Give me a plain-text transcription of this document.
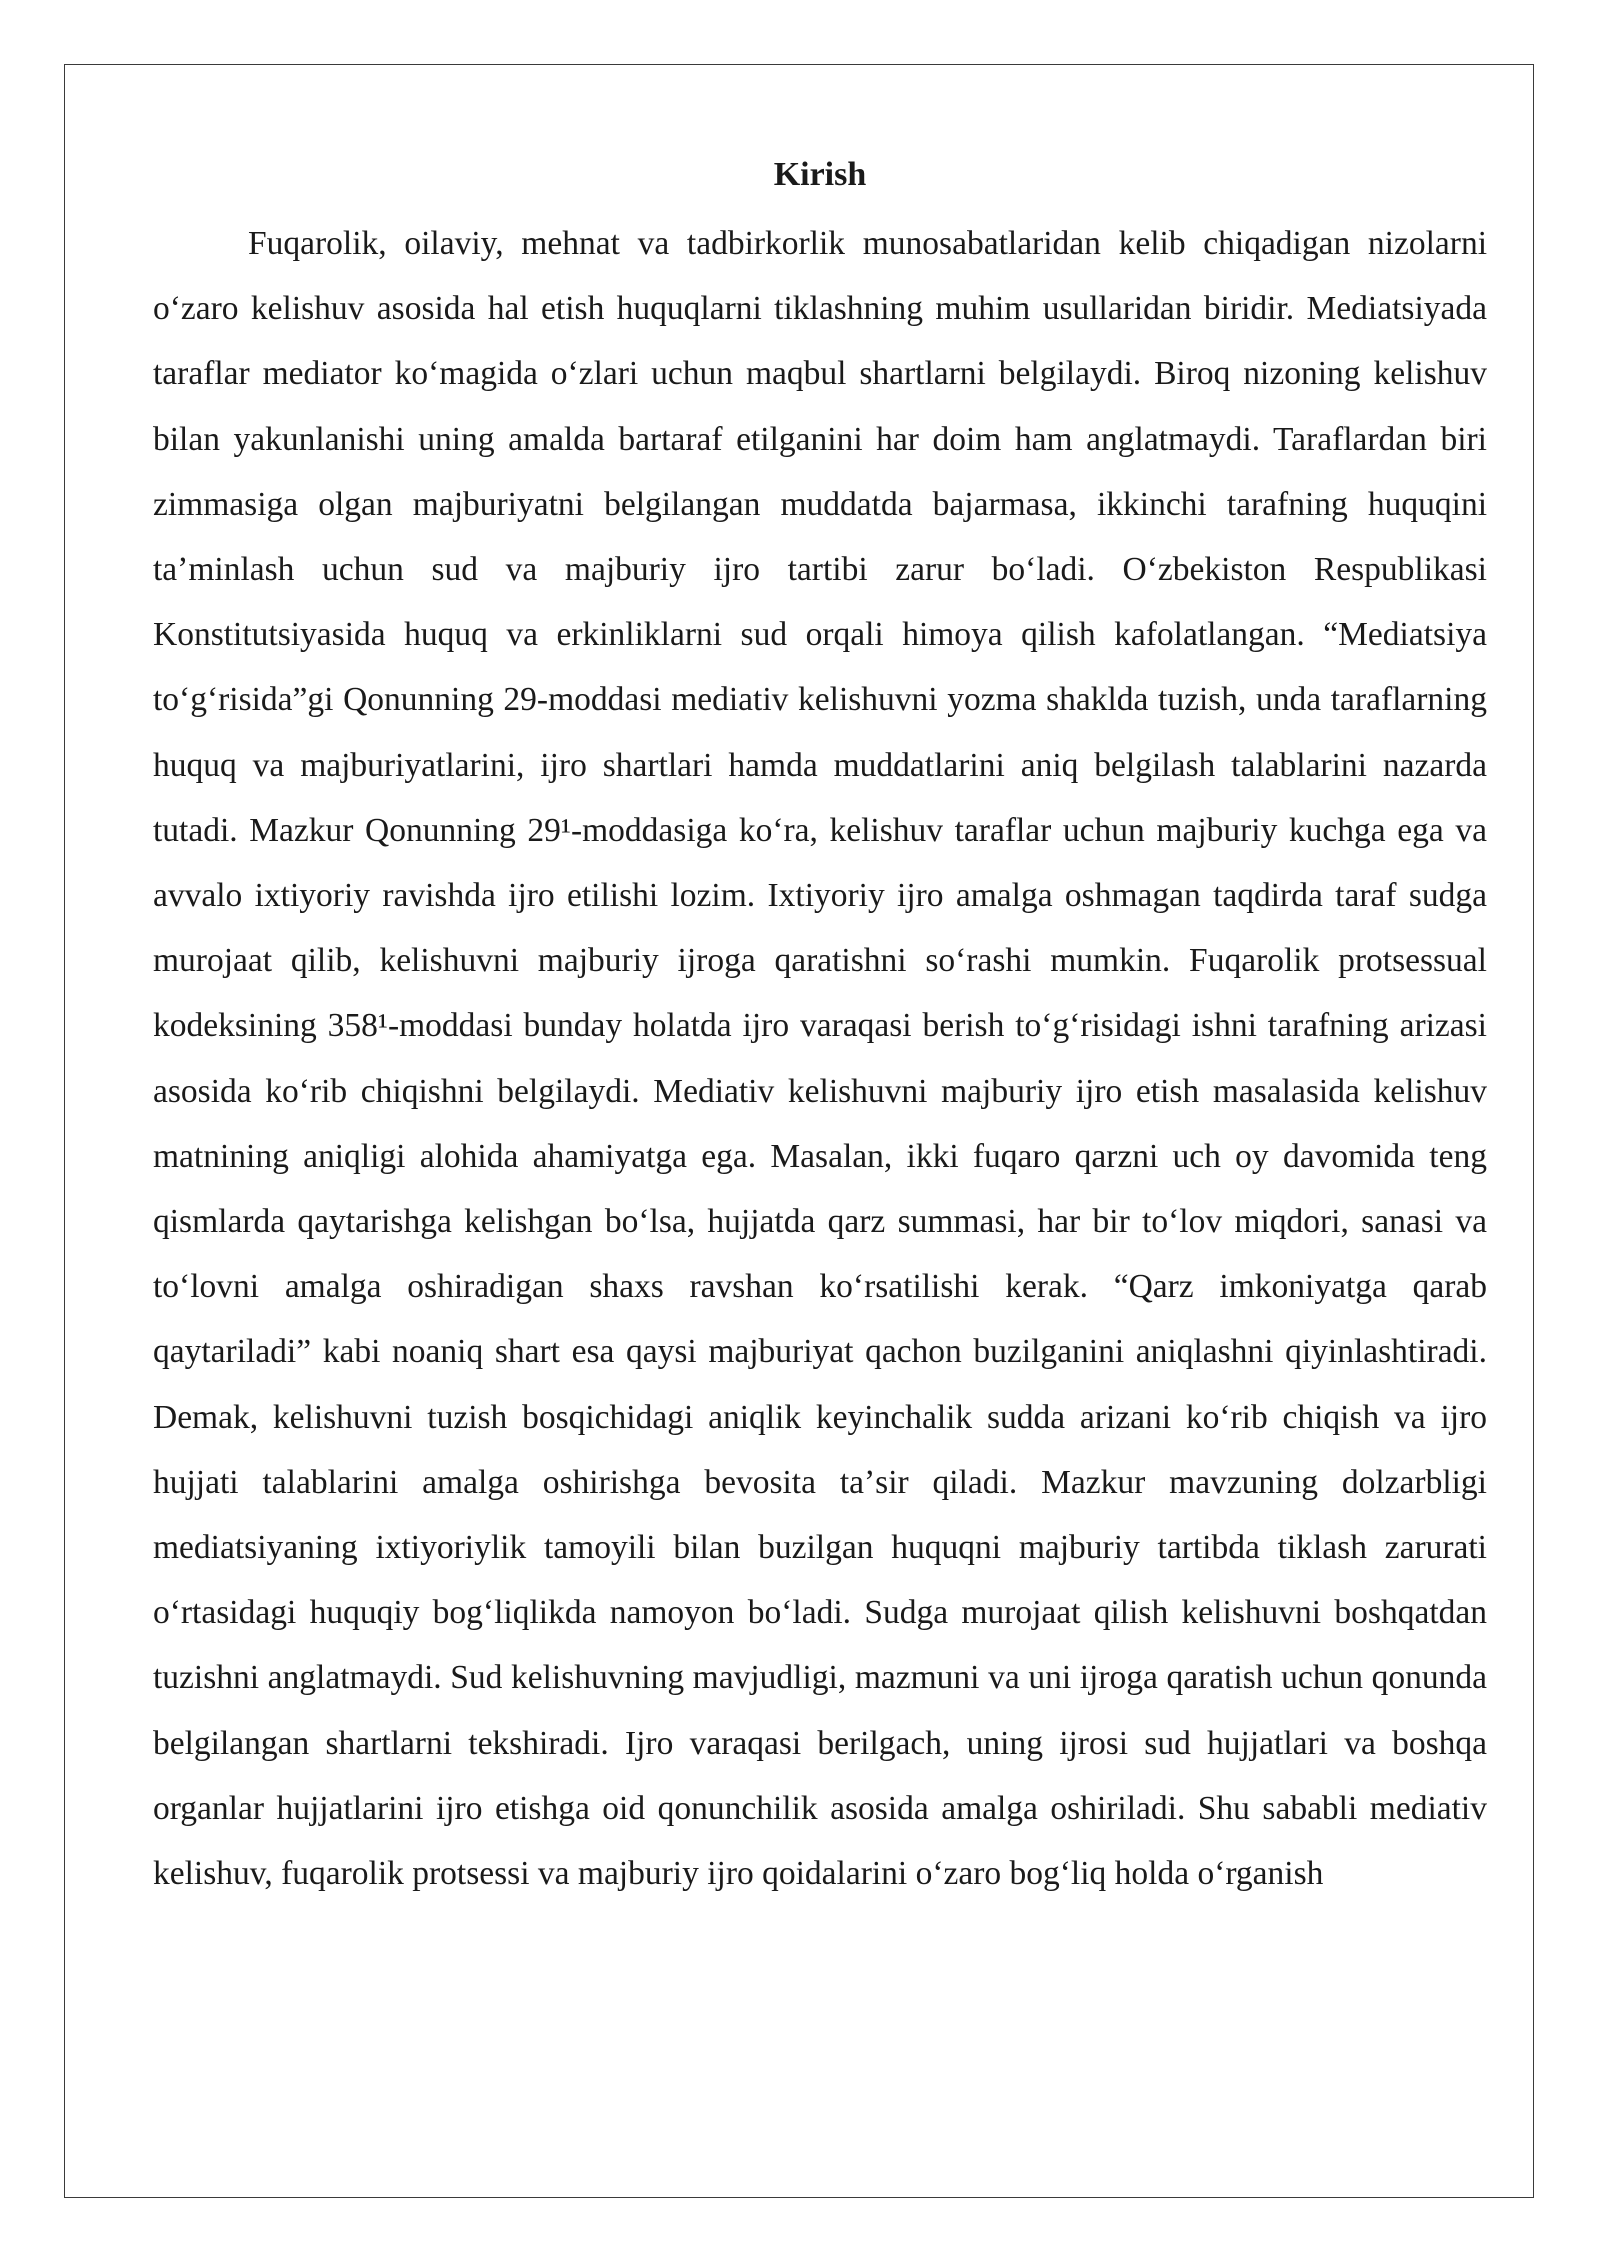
Kirish

Fuqarolik, oilaviy, mehnat va tadbirkorlik munosabatlaridan kelib chiqadigan nizolarni oʻzaro kelishuv asosida hal etish huquqlarni tiklashning muhim usullaridan biridir. Mediatsiyada taraflar mediator koʻmagida oʻzlari uchun maqbul shartlarni belgilaydi. Biroq nizoning kelishuv bilan yakunlanishi uning amalda bartaraf etilganini har doim ham anglatmaydi. Taraflardan biri zimmasiga olgan majburiyatni belgilangan muddatda bajarmasa, ikkinchi tarafning huquqini taʼminlash uchun sud va majburiy ijro tartibi zarur boʻladi. Oʻzbekiston Respublikasi Konstitutsiyasida huquq va erkinliklarni sud orqali himoya qilish kafolatlangan. “Mediatsiya toʻgʻrisida”gi Qonunning 29-moddasi mediativ kelishuvni yozma shaklda tuzish, unda taraflarning huquq va majburiyatlarini, ijro shartlari hamda muddatlarini aniq belgilash talablarini nazarda tutadi. Mazkur Qonunning 29¹-moddasiga koʻra, kelishuv taraflar uchun majburiy kuchga ega va avvalo ixtiyoriy ravishda ijro etilishi lozim. Ixtiyoriy ijro amalga oshmagan taqdirda taraf sudga murojaat qilib, kelishuvni majburiy ijroga qaratishni soʻrashi mumkin. Fuqarolik protsessual kodeksining 358¹-moddasi bunday holatda ijro varaqasi berish toʻgʻrisidagi ishni tarafning arizasi asosida koʻrib chiqishni belgilaydi. Mediativ kelishuvni majburiy ijro etish masalasida kelishuv matnining aniqligi alohida ahamiyatga ega. Masalan, ikki fuqaro qarzni uch oy davomida teng qismlarda qaytarishga kelishgan boʻlsa, hujjatda qarz summasi, har bir toʻlov miqdori, sanasi va toʻlovni amalga oshiradigan shaxs ravshan koʻrsatilishi kerak. “Qarz imkoniyatga qarab qaytariladi” kabi noaniq shart esa qaysi majburiyat qachon buzilganini aniqlashni qiyinlashtiradi. Demak, kelishuvni tuzish bosqichidagi aniqlik keyinchalik sudda arizani koʻrib chiqish va ijro hujjati talablarini amalga oshirishga bevosita taʼsir qiladi. Mazkur mavzuning dolzarbligi mediatsiyaning ixtiyoriylik tamoyili bilan buzilgan huquqni majburiy tartibda tiklash zarurati oʻrtasidagi huquqiy bogʻliqlikda namoyon boʻladi. Sudga murojaat qilish kelishuvni boshqatdan tuzishni anglatmaydi. Sud kelishuvning mavjudligi, mazmuni va uni ijroga qaratish uchun qonunda belgilangan shartlarni tekshiradi. Ijro varaqasi berilgach, uning ijrosi sud hujjatlari va boshqa organlar hujjatlarini ijro etishga oid qonunchilik asosida amalga oshiriladi. Shu sababli mediativ kelishuv, fuqarolik protsessi va majburiy ijro qoidalarini oʻzaro bogʻliq holda oʻrganish
